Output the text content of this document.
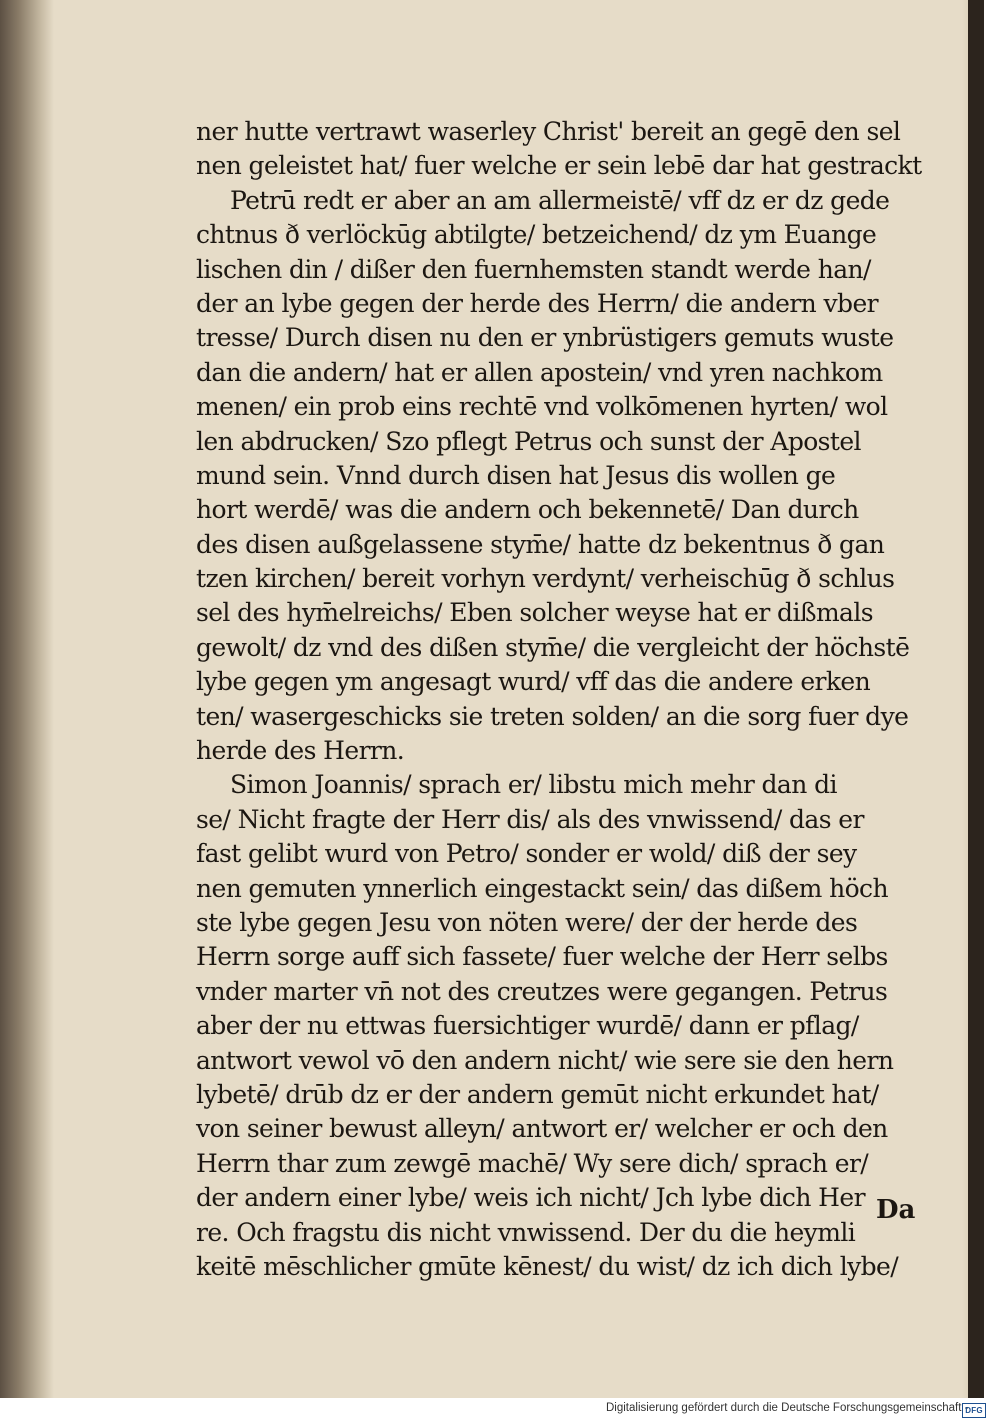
ner hutte vertrawt waserley Christ' bereit an gegē den sel
nen geleistet hat/ fuer welche er sein lebē dar hat gestrackt
Petrū redt er aber an am allermeistē/ vff dz er dz gede
chtnus ð verlöckūg abtilgte/ betzeichend/ dz ym Euange
lischen din / dißer den fuernhemsten standt werde han/
der an lybe gegen der herde des Herrn/ die andern vber
tresse/ Durch disen nu den er ynbrüstigers gemuts wuste
dan die andern/ hat er allen apostein/ vnd yren nachkom
menen/ ein prob eins rechtē vnd volkōmenen hyrten/ wol
len abdrucken/ Szo pflegt Petrus och sunst der Apostel
mund sein. Vnnd durch disen hat Jesus dis wollen ge
hort werdē/ was die andern och bekennetē/ Dan durch
des disen außgelassene stym̄e/ hatte dz bekentnus ð gan
tzen kirchen/ bereit vorhyn verdynt/ verheischūg ð schlus
sel des hym̄elreichs/ Eben solcher weyse hat er dißmals
gewolt/ dz vnd des dißen stym̄e/ die vergleicht der höchstē
lybe gegen ym angesagt wurd/ vff das die andere erken
ten/ wasergeschicks sie treten solden/ an die sorg fuer dye
herde des Herrn.
Simon Joannis/ sprach er/ libstu mich mehr dan di
se/ Nicht fragte der Herr dis/ als des vnwissend/ das er
fast gelibt wurd von Petro/ sonder er wold/ diß der sey
nen gemuten ynnerlich eingestackt sein/ das dißem höch
ste lybe gegen Jesu von nöten were/ der der herde des
Herrn sorge auff sich fassete/ fuer welche der Herr selbs
vnder marter vn̄ not des creutzes were gegangen. Petrus
aber der nu ettwas fuersichtiger wurdē/ dann er pflag/
antwort vewol vō den andern nicht/ wie sere sie den hern
lybetē/ drūb dz er der andern gemūt nicht erkundet hat/
von seiner bewust alleyn/ antwort er/ welcher er och den
Herrn thar zum zewgē machē/ Wy sere dich/ sprach er/
der andern einer lybe/ weis ich nicht/ Jch lybe dich Her
re. Och fragstu dis nicht vnwissend. Der du die heymli
keitē mēschlicher gmūte kēnest/ du wist/ dz ich dich lybe/
Da
Digitalisierung gefördert durch die Deutsche Forschungsgemeinschaft -
DFG
